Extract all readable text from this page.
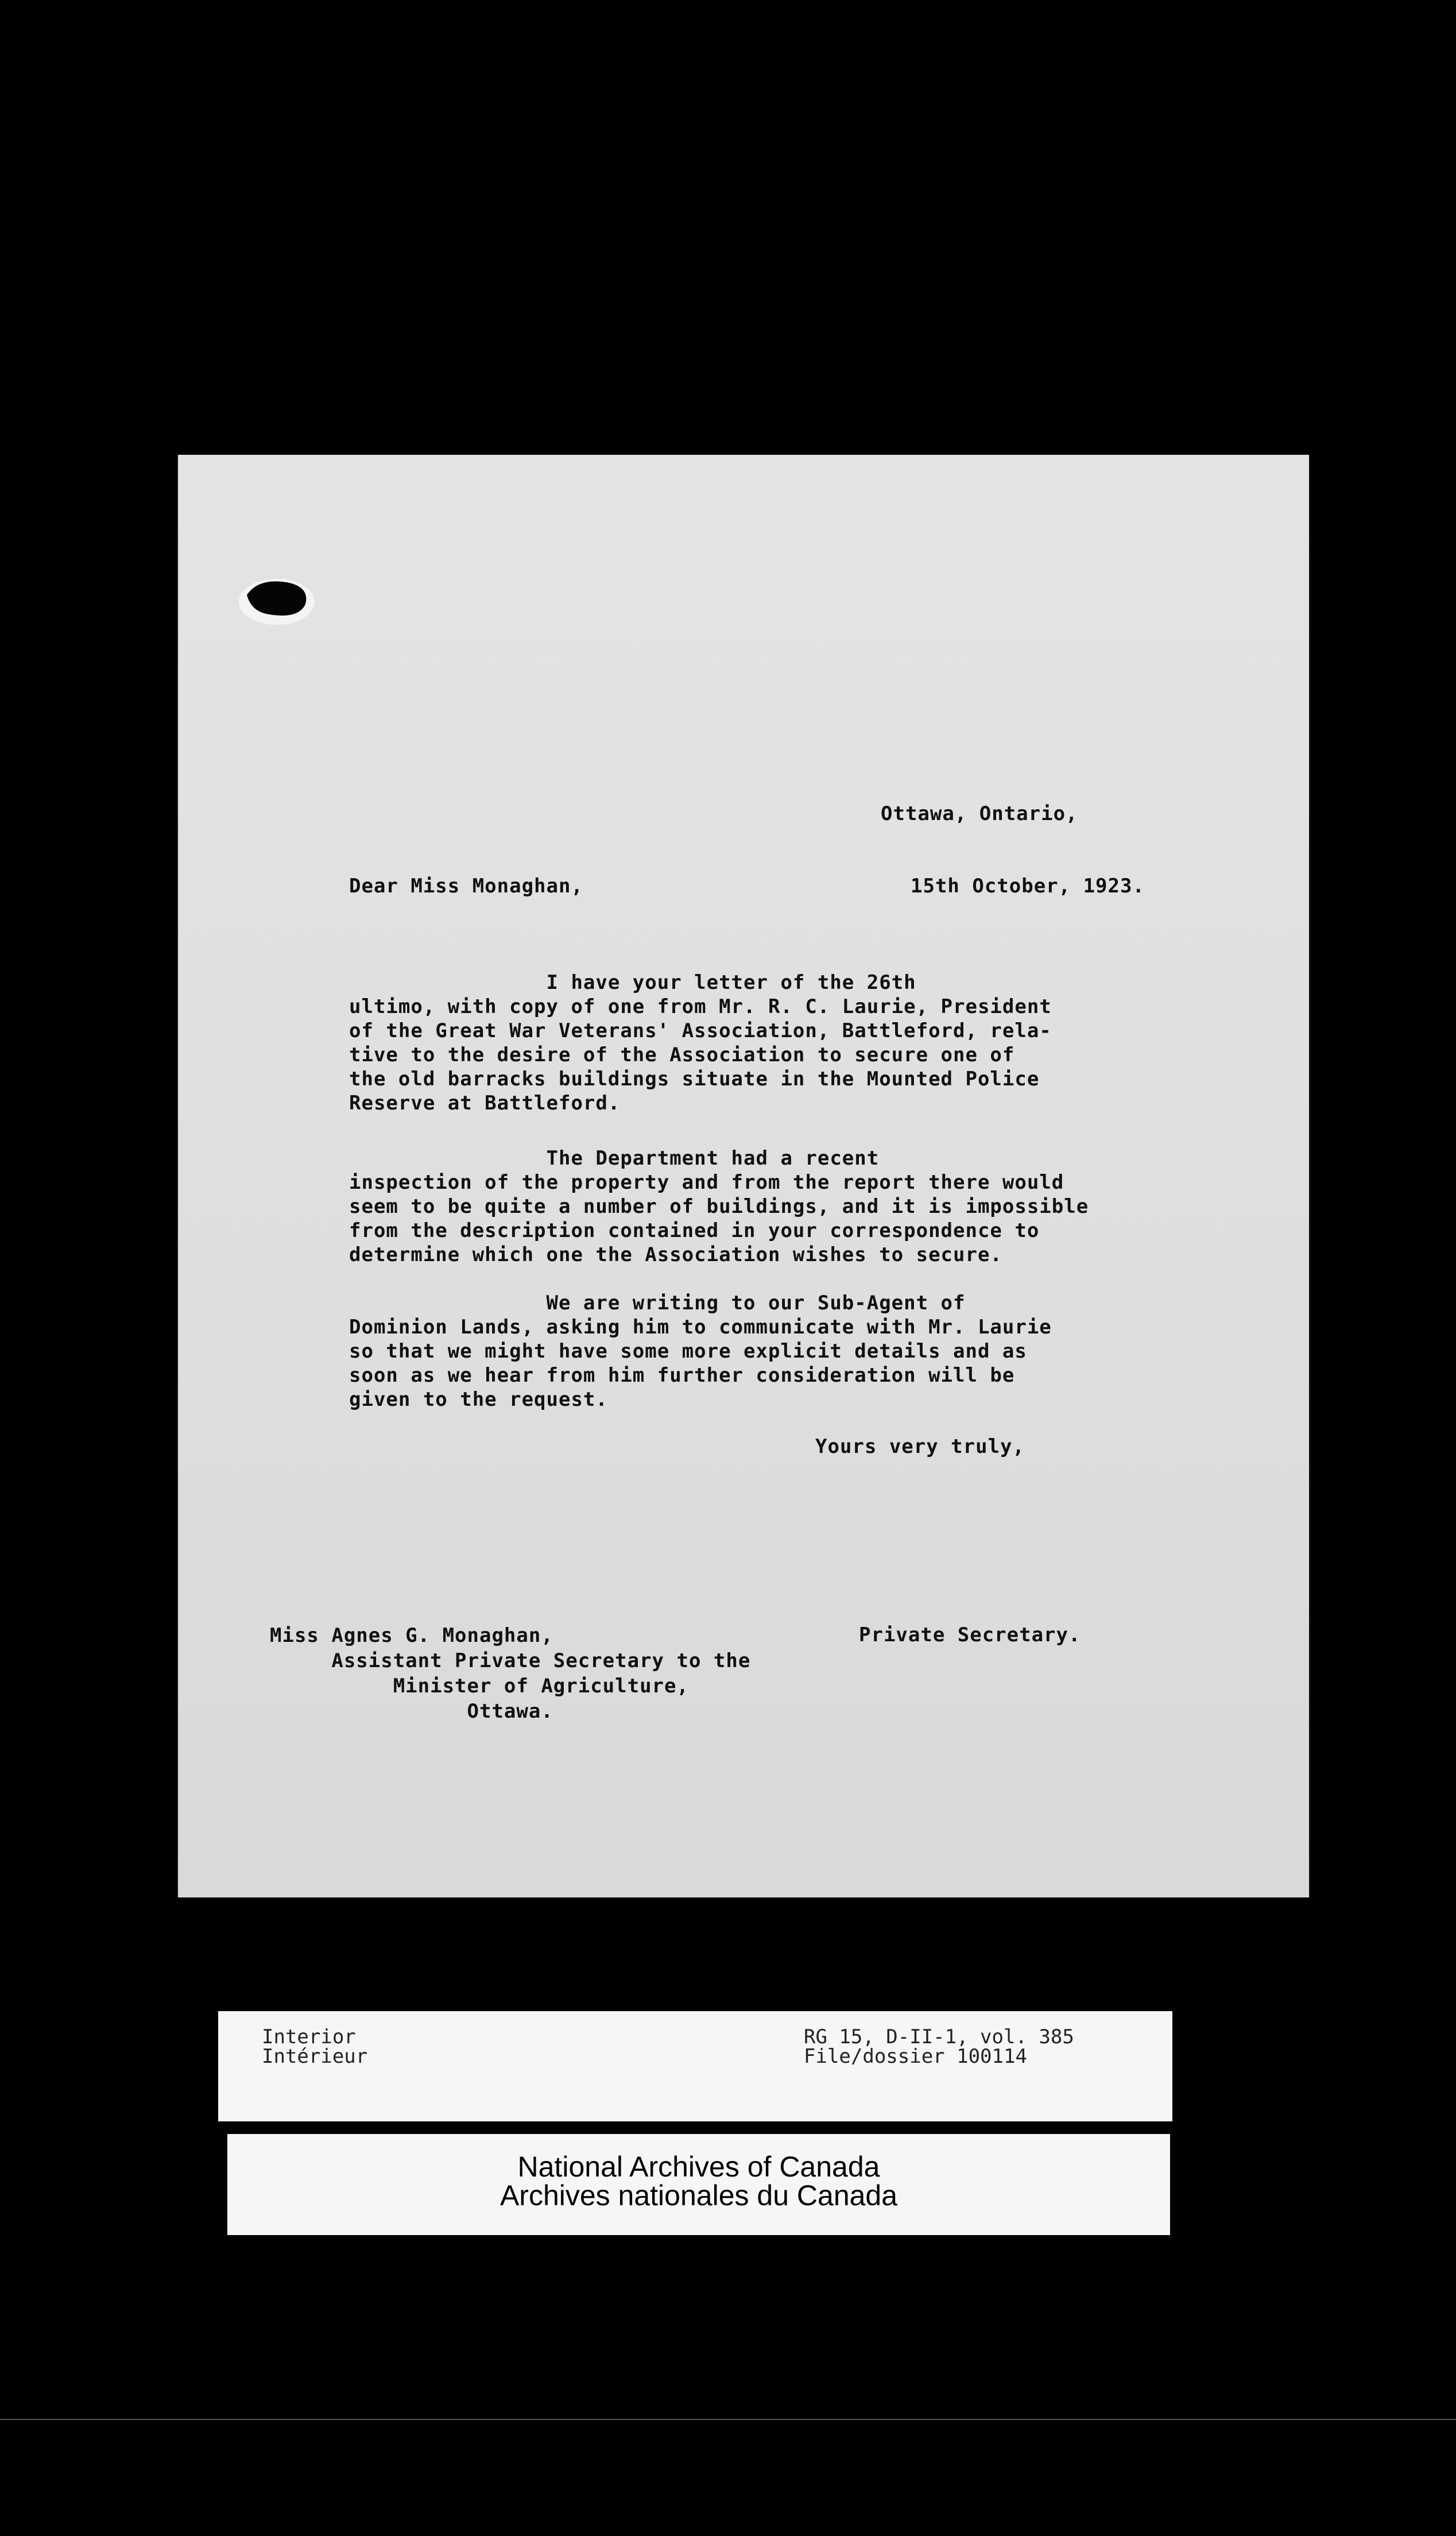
Ottawa, Ontario,

15th October, 1923.

Dear Miss Monaghan,
I have your letter of the 26th
ultimo, with copy of one from Mr. R. C. Laurie, President
of the Great War Veterans' Association, Battleford, rela-
tive to the desire of the Association to secure one of
the old barracks buildings situate in the Mounted Police
Reserve at Battleford.
The Department had a recent
inspection of the property and from the report there would
seem to be quite a number of buildings, and it is impossible
from the description contained in your correspondence to
determine which one the Association wishes to secure.
We are writing to our Sub-Agent of
Dominion Lands, asking him to communicate with Mr. Laurie
so that we might have some more explicit details and as
soon as we hear from him further consideration will be
given to the request.
Yours very truly,
Private Secretary.
Miss Agnes G. Monaghan,
Assistant Private Secretary to the
Minister of Agriculture,
Ottawa.
Interior
Intérieur
RG 15, D-II-1, vol. 385
File/dossier 100114
National Archives of Canada
Archives nationales du Canada
